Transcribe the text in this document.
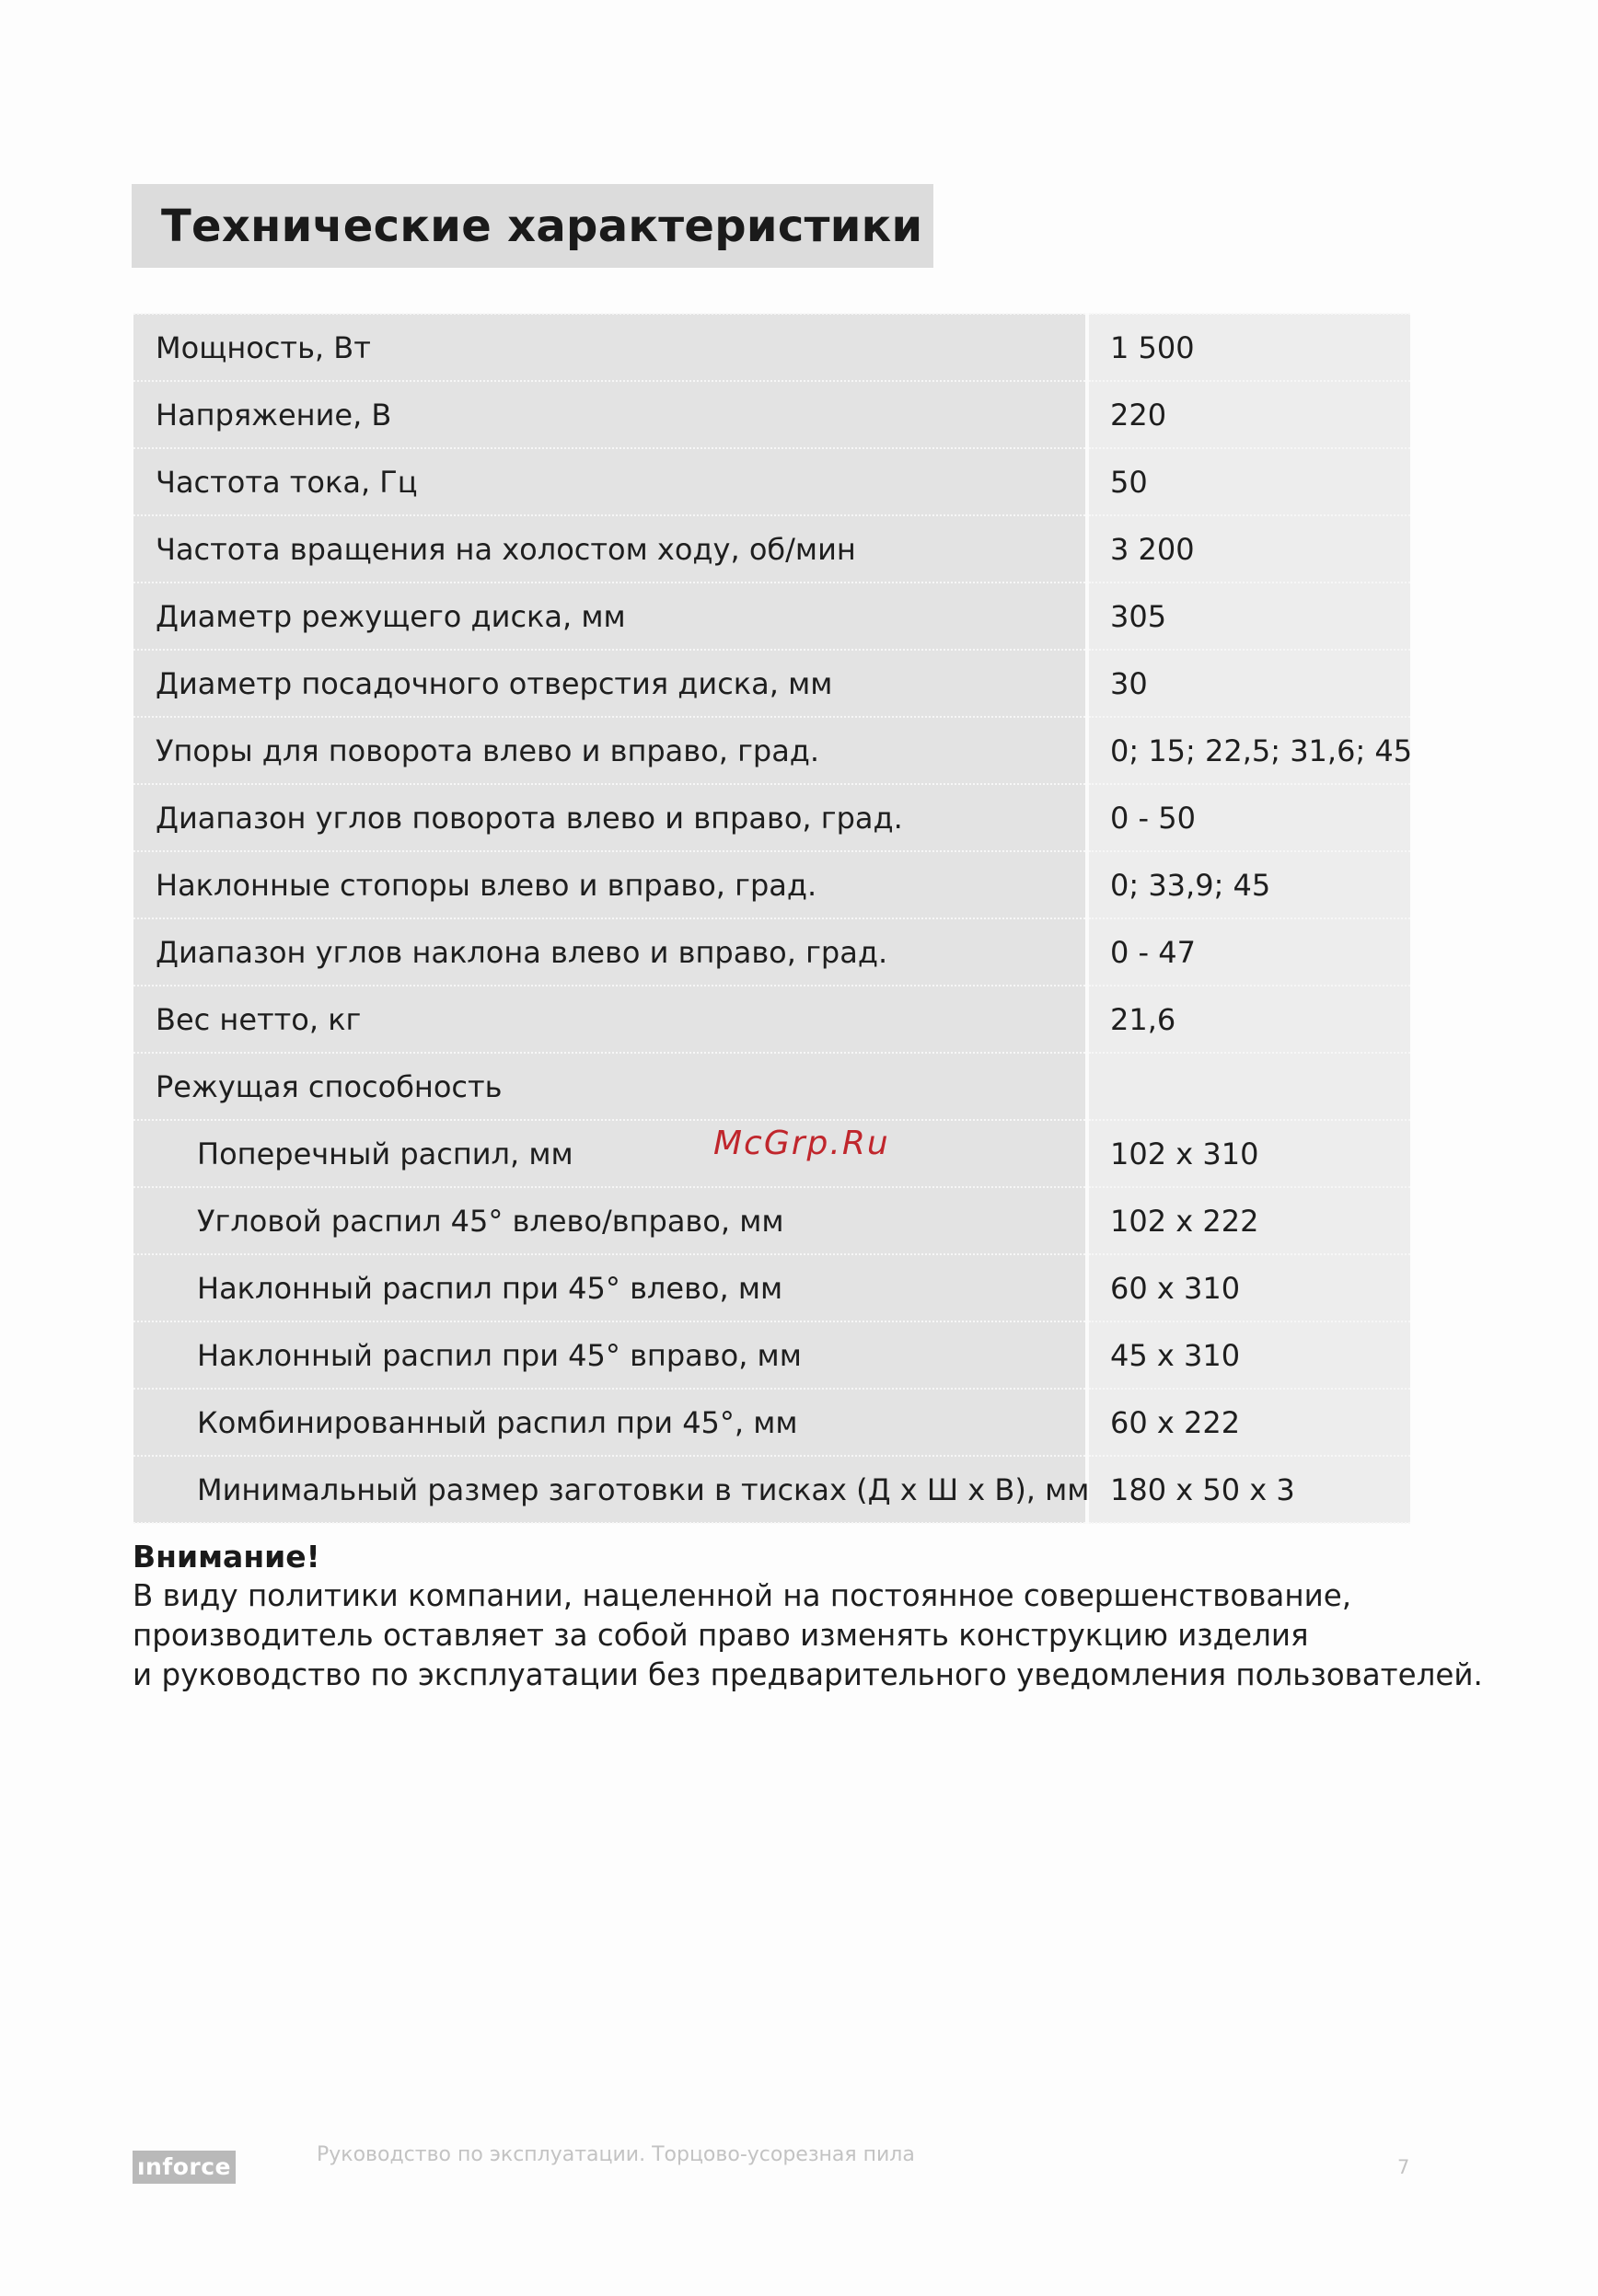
Технические характеристики
Мощность, Вт	1 500
Напряжение, В	220
Частота тока, Гц	50
Частота вращения на холостом ходу, об/мин	3 200
Диаметр режущего диска, мм	305
Диаметр посадочного отверстия диска, мм	30
Упоры для поворота влево и вправо, град.	0; 15; 22,5; 31,6; 45
Диапазон углов поворота влево и вправо, град.	0 - 50
Наклонные стопоры влево и вправо, град.	0; 33,9; 45
Диапазон углов наклона влево и вправо, град.	0 - 47
Вес нетто, кг	21,6
Режущая способность	
Поперечный распил, мм	102 x 310
Угловой распил 45° влево/вправо, мм	102 x 222
Наклонный распил при 45° влево, мм	60 x 310
Наклонный распил при 45° вправо, мм	45 x 310
Комбинированный распил при 45°, мм	60 x 222
Минимальный размер заготовки в тисках (Д x Ш x В), мм	180 x 50 x 3
McGrp.Ru
Внимание!
В виду политики компании, нацеленной на постоянное совершенствование,
производитель оставляет за собой право изменять конструкцию изделия
и руководство по эксплуатации без предварительного уведомления пользователей.
ınforce	Руководство по эксплуатации. Торцово-усорезная пила
7
